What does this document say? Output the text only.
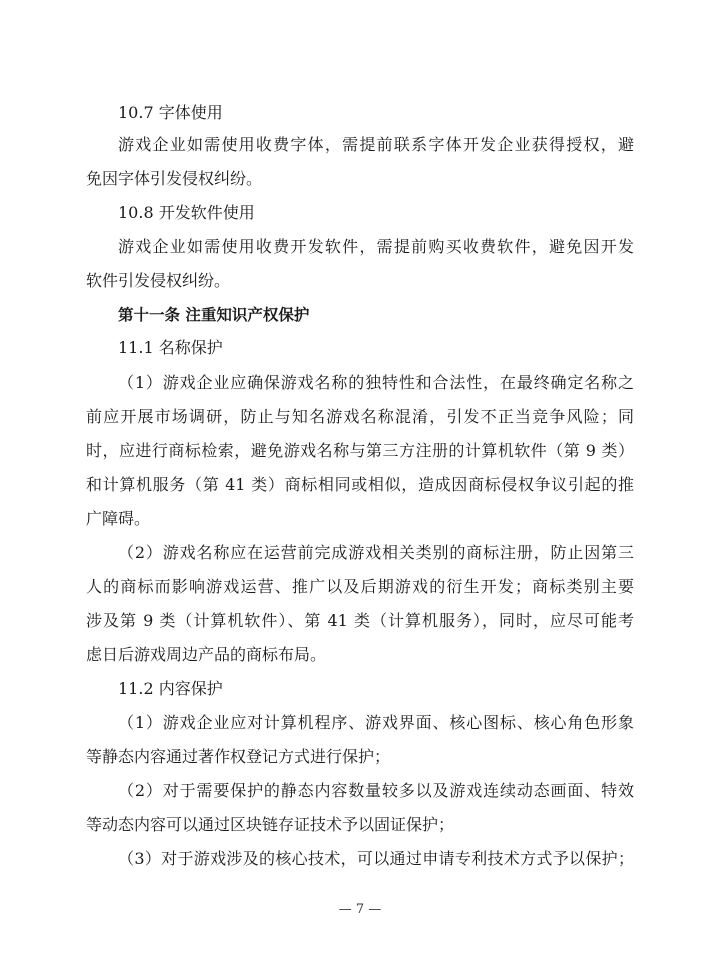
10.7 字体使用
游戏企业如需使用收费字体，需提前联系字体开发企业获得授权，避
免因字体引发侵权纠纷。
10.8 开发软件使用
游戏企业如需使用收费开发软件，需提前购买收费软件，避免因开发
软件引发侵权纠纷。
第十一条 注重知识产权保护
11.1 名称保护
（1）游戏企业应确保游戏名称的独特性和合法性，在最终确定名称之
前应开展市场调研，防止与知名游戏名称混淆，引发不正当竞争风险；同
时，应进行商标检索，避免游戏名称与第三方注册的计算机软件（第 9 类）
和计算机服务（第 41 类）商标相同或相似，造成因商标侵权争议引起的推
广障碍。
（2）游戏名称应在运营前完成游戏相关类别的商标注册，防止因第三
人的商标而影响游戏运营、推广以及后期游戏的衍生开发；商标类别主要
涉及第 9 类（计算机软件）、第 41 类（计算机服务），同时，应尽可能考
虑日后游戏周边产品的商标布局。
11.2 内容保护
（1）游戏企业应对计算机程序、游戏界面、核心图标、核心角色形象
等静态内容通过著作权登记方式进行保护；
（2）对于需要保护的静态内容数量较多以及游戏连续动态画面、特效
等动态内容可以通过区块链存证技术予以固证保护；
（3）对于游戏涉及的核心技术，可以通过申请专利技术方式予以保护；
— 7 —
